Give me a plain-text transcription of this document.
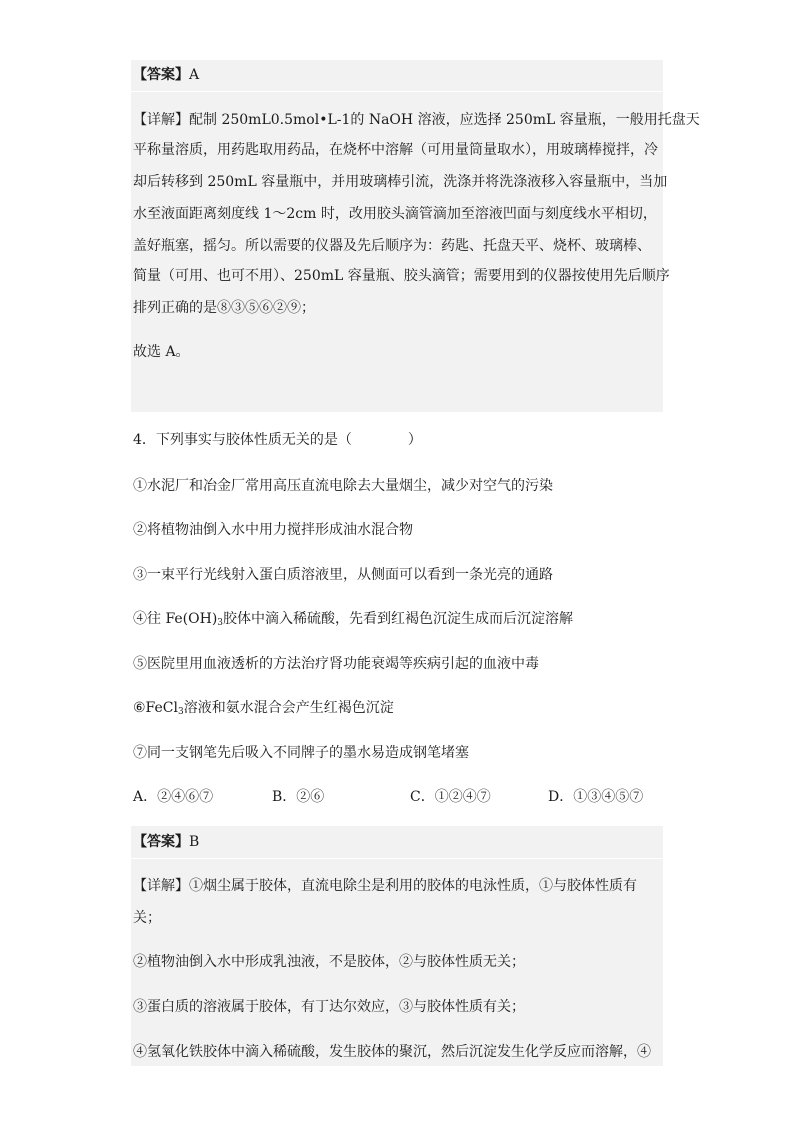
【答案】A
【详解】配制 250mL0.5mol•L-1的 NaOH 溶液，应选择 250mL 容量瓶，一般用托盘天
平称量溶质，用药匙取用药品，在烧杯中溶解（可用量筒量取水），用玻璃棒搅拌，冷
却后转移到 250mL 容量瓶中，并用玻璃棒引流，洗涤并将洗涤液移入容量瓶中，当加
水至液面距离刻度线 1～2cm 时，改用胶头滴管滴加至溶液凹面与刻度线水平相切，
盖好瓶塞，摇匀。所以需要的仪器及先后顺序为：药匙、托盘天平、烧杯、玻璃棒、
简量（可用、也可不用）、250mL 容量瓶、胶头滴管；需要用到的仪器按使用先后顺序
排列正确的是⑧③⑤⑥②⑨；
故选 A。
4．下列事实与胶体性质无关的是（　　　　）
①水泥厂和冶金厂常用高压直流电除去大量烟尘，减少对空气的污染
②将植物油倒入水中用力搅拌形成油水混合物
③一束平行光线射入蛋白质溶液里，从侧面可以看到一条光亮的通路
④往 $Fe(OH)_3$胶体中滴入稀硫酸，先看到红褐色沉淀生成而后沉淀溶解
⑤医院里用血液透析的方法治疗肾功能衰竭等疾病引起的血液中毒
⑥FeCl$_3$溶液和氨水混合会产生红褐色沉淀
⑦同一支钢笔先后吸入不同牌子的墨水易造成钢笔堵塞
A．②④⑥⑦	B．②⑥	C．①②④⑦	D．①③④⑤⑦
【答案】B
【详解】①烟尘属于胶体，直流电除尘是利用的胶体的电泳性质，①与胶体性质有
关；
②植物油倒入水中形成乳浊液，不是胶体，②与胶体性质无关；
③蛋白质的溶液属于胶体，有丁达尔效应，③与胶体性质有关；
④氢氧化铁胶体中滴入稀硫酸，发生胶体的聚沉，然后沉淀发生化学反应而溶解，④
